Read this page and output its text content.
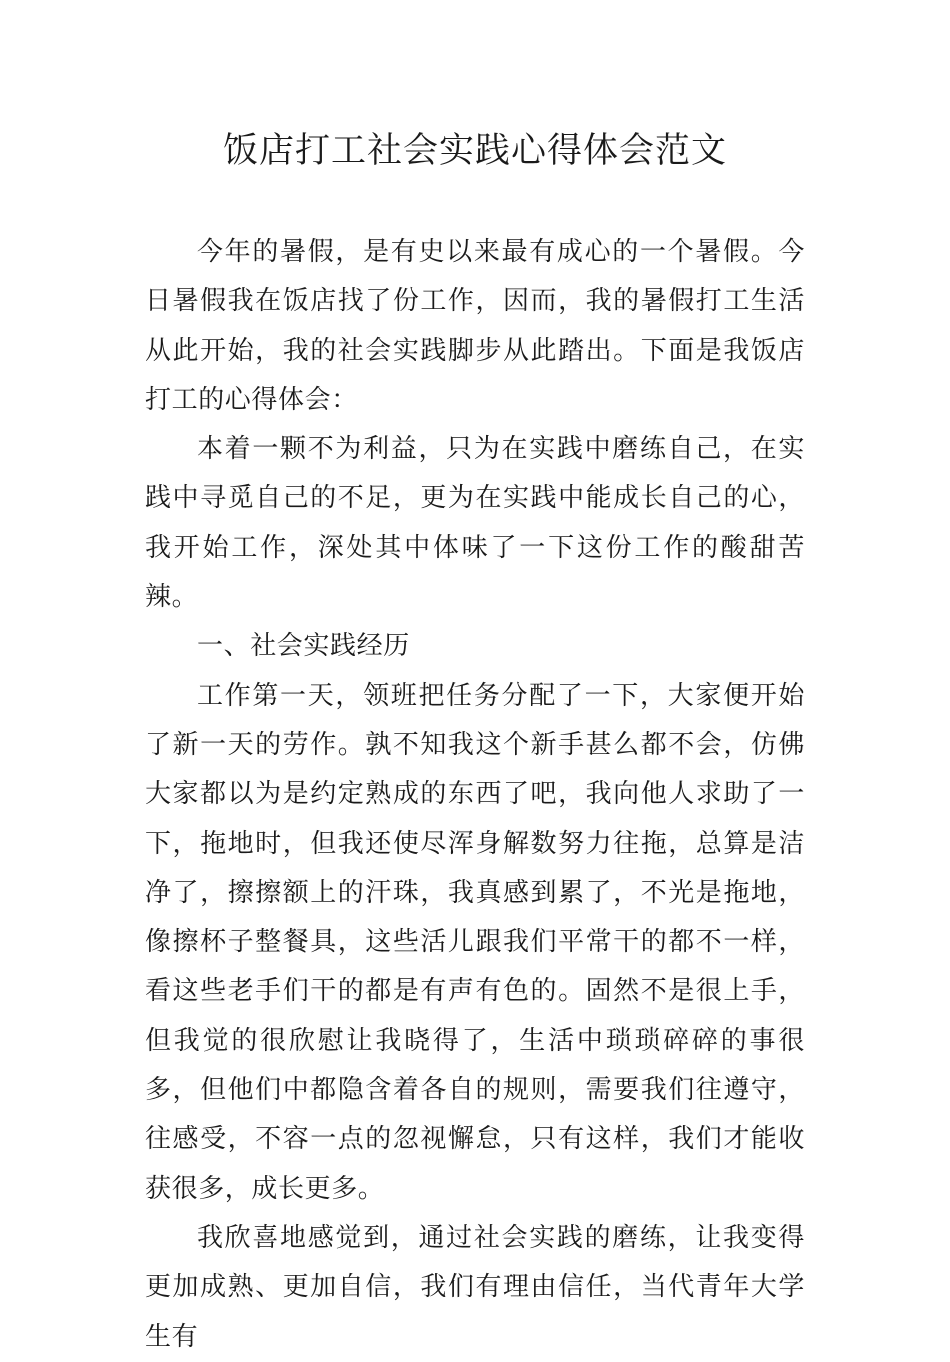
饭店打工社会实践心得体会范文

今年的暑假，是有史以来最有成心的一个暑假。今日暑假我在饭店找了份工作，因而，我的暑假打工生活从此开始，我的社会实践脚步从此踏出。下面是我饭店打工的心得体会：

本着一颗不为利益，只为在实践中磨练自己，在实践中寻觅自己的不足，更为在实践中能成长自己的心，我开始工作，深处其中体味了一下这份工作的酸甜苦辣。

一、社会实践经历

工作第一天，领班把任务分配了一下，大家便开始了新一天的劳作。孰不知我这个新手甚么都不会，仿佛大家都以为是约定熟成的东西了吧，我向他人求助了一下，拖地时，但我还使尽浑身解数努力往拖，总算是洁净了，擦擦额上的汗珠，我真感到累了，不光是拖地，像擦杯子整餐具，这些活儿跟我们平常干的都不一样，看这些老手们干的都是有声有色的。固然不是很上手，但我觉的很欣慰让我晓得了，生活中琐琐碎碎的事很多，但他们中都隐含着各自的规则，需要我们往遵守，往感受，不容一点的忽视懈怠，只有这样，我们才能收获很多，成长更多。

我欣喜地感觉到，通过社会实践的磨练，让我变得更加成熟、更加自信，我们有理由信任，当代青年大学生有
